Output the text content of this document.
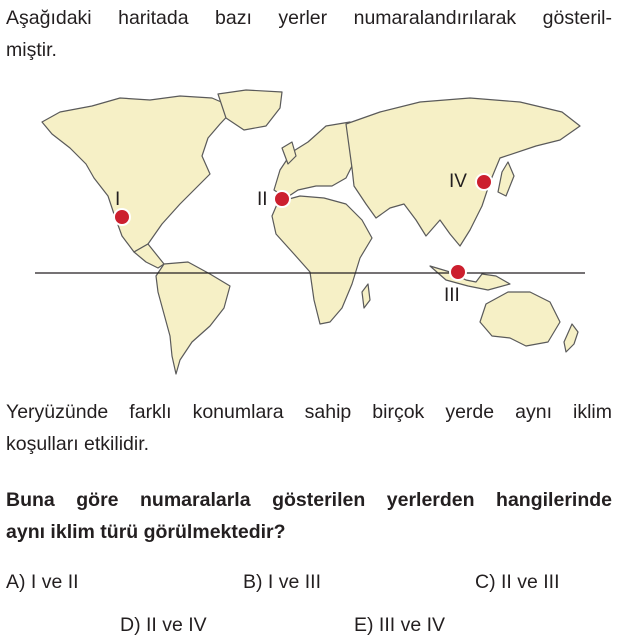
Aşağıdaki haritada bazı yerler numaralandırılarak gösteril-
miştir.
I	II
III
IV
Yeryüzünde farklı konumlara sahip birçok yerde aynı iklim
koşulları etkilidir.
Buna göre numaralarla gösterilen yerlerden hangilerinde
aynı iklim türü görülmektedir?
A) I ve II	B) I ve III	C) II ve III
D) II ve IV	E) III ve IV
